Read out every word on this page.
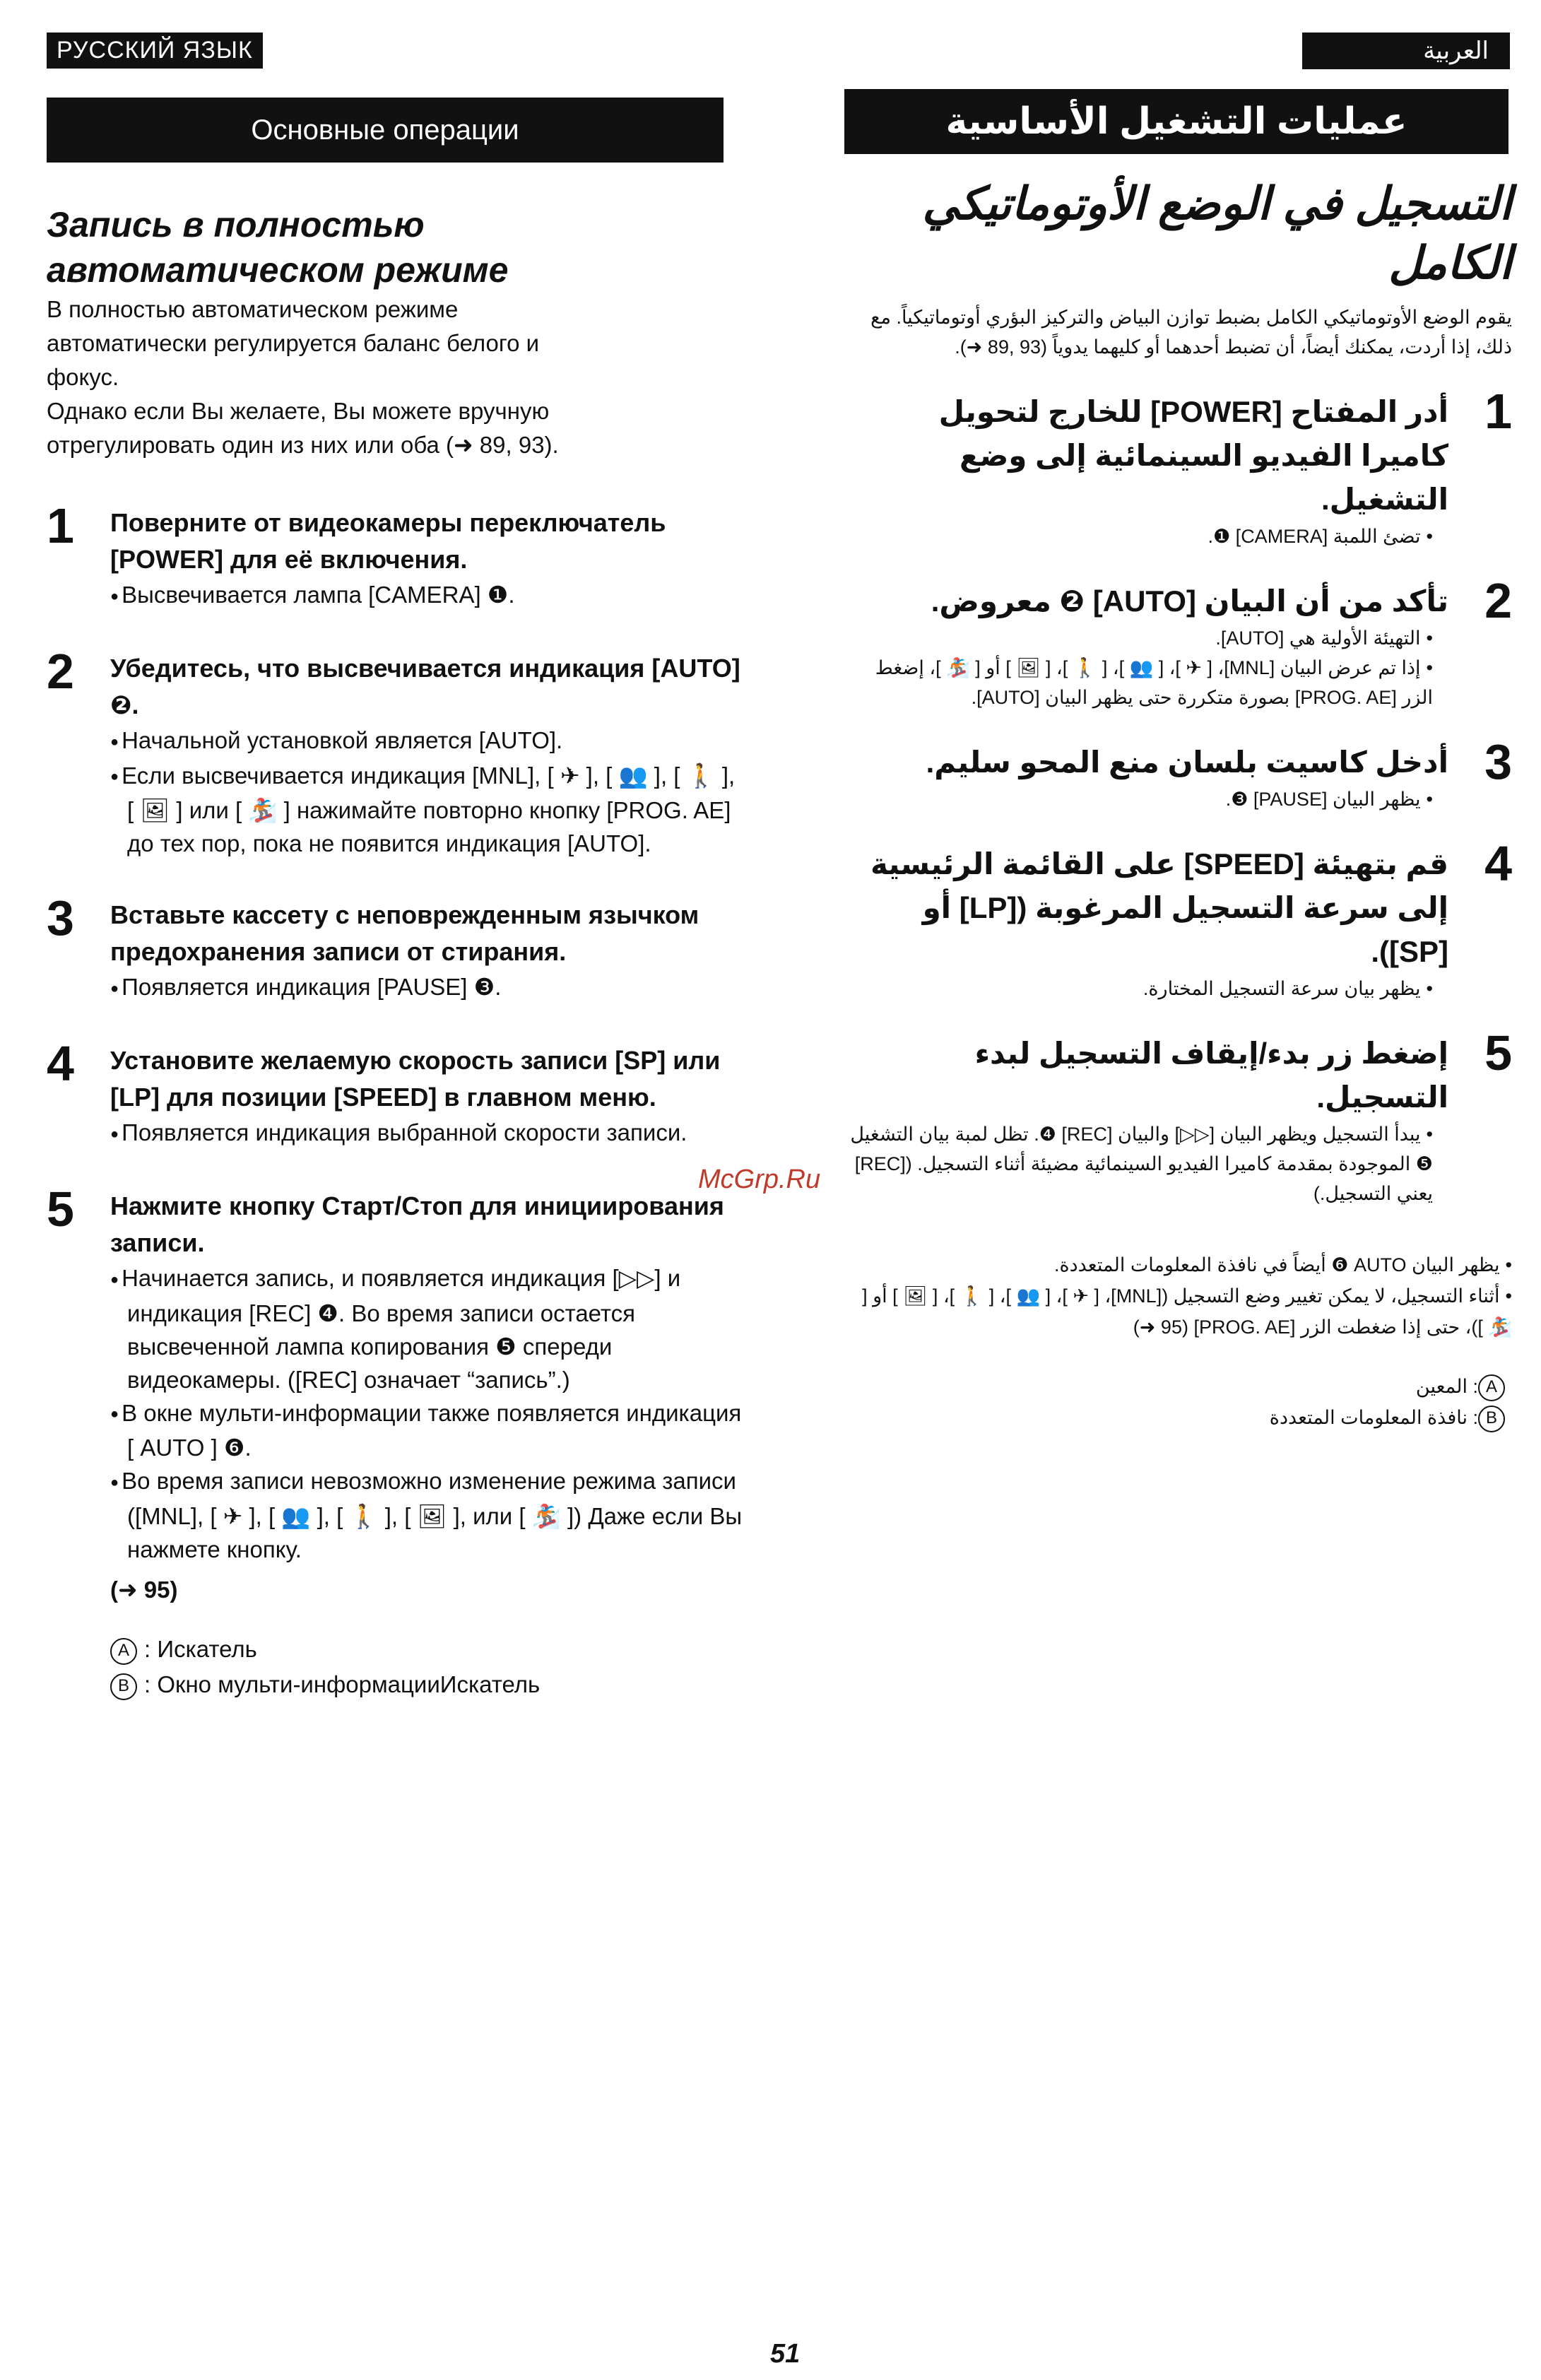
РУССКИЙ ЯЗЫК	العربية
Основные операции	عمليات التشغيل الأساسية
Запись в полностью
автоматическом режиме
В полностью автоматическом режиме
автоматически регулируется баланс белого и
фокус.
Однако если Вы желаете, Вы можете вручную
отрегулировать один из них или оба (➜ 89, 93).
1 Поверните от видеокамеры переключатель [POWER] для её включения.
● Высвечивается лампа [CAMERA] ❶.
2 Убедитесь, что высвечивается индикация [AUTO] ❷.
● Начальной установкой является [AUTO].
● Если высвечивается индикация [MNL], [ ✈ ], [ 👥 ], [ 🚶 ], [ 🖼 ] или [ 🏂 ] нажимайте повторно кнопку [PROG. AE] до тех пор, пока не появится индикация [AUTO].
3 Вставьте кассету с неповрежденным язычком предохранения записи от стирания.
● Появляется индикация [PAUSE] ❸.
4 Установите желаемую скорость записи [SP] или [LP] для позиции [SPEED] в главном меню.
● Появляется индикация выбранной скорости записи.
5 Нажмите кнопку Старт/Стоп для инициирования записи.
● Начинается запись, и появляется индикация [▷▷] и индикация [REC] ❹. Во время записи остается высвеченной лампа копирования ❺ спереди видеокамеры. ([REC] означает “запись”.)
● В окне мульти-информации также появляется индикация [ AUTO ] ❻.
● Во время записи невозможно изменение режима записи ([MNL], [ ✈ ], [ 👥 ], [ 🚶 ], [ 🖼 ], или [ 🏂 ]) Даже если Вы нажмете кнопку.
(➜ 95)
A : Искатель
B : Окно мульти-информацииИскатель
التسجيل في الوضع الأوتوماتيكي
الكامل
يقوم الوضع الأوتوماتيكي الكامل بضبط توازن البياض والتركيز البؤري أوتوماتيكياً. مع ذلك، إذا أردت، يمكنك أيضاً، أن تضبط أحدهما أو كليهما يدوياً (93 ,89 ➜).
1
أدر المفتاح [POWER] للخارج لتحويل كاميرا الفيديو السينمائية إلى وضع التشغيل.
• تضئ اللمبة [CAMERA] ❶.
2
تأكد من أن البيان [AUTO] ❷ معروض.
• التهيئة الأولية هي [AUTO].
• إذا تم عرض البيان [MNL]، [ ✈ ]، [ 👥 ]، [ 🚶 ]، [ 🖼 ] أو [ 🏂 ]، إضغط الزر [PROG. AE] بصورة متكررة حتى يظهر البيان [AUTO].
3
أدخل كاسيت بلسان منع المحو سليم.
• يظهر البيان [PAUSE] ❸.
4
قم بتهيئة [SPEED] على القائمة الرئيسية إلى سرعة التسجيل المرغوبة ([LP] أو [SP]).
• يظهر بيان سرعة التسجيل المختارة.
5
إضغط زر بدء/إيقاف التسجيل لبدء التسجيل.
• يبدأ التسجيل ويظهر البيان [▷▷] والبيان [REC] ❹. تظل لمبة بيان التشغيل ❺ الموجودة بمقدمة كاميرا الفيديو السينمائية مضيئة أثناء التسجيل. ([REC] يعني التسجيل.)
• يظهر البيان AUTO ❻ أيضاً في نافذة المعلومات المتعددة.
• أثناء التسجيل، لا يمكن تغيير وضع التسجيل ([MNL]، [ ✈ ]، [ 👥 ]، [ 🚶 ]، [ 🖼 ] أو [ 🏂 ])، حتى إذا ضغطت الزر [PROG. AE] (95 ➜)
A: المعين
B: نافذة المعلومات المتعددة
McGrp.Ru
51
